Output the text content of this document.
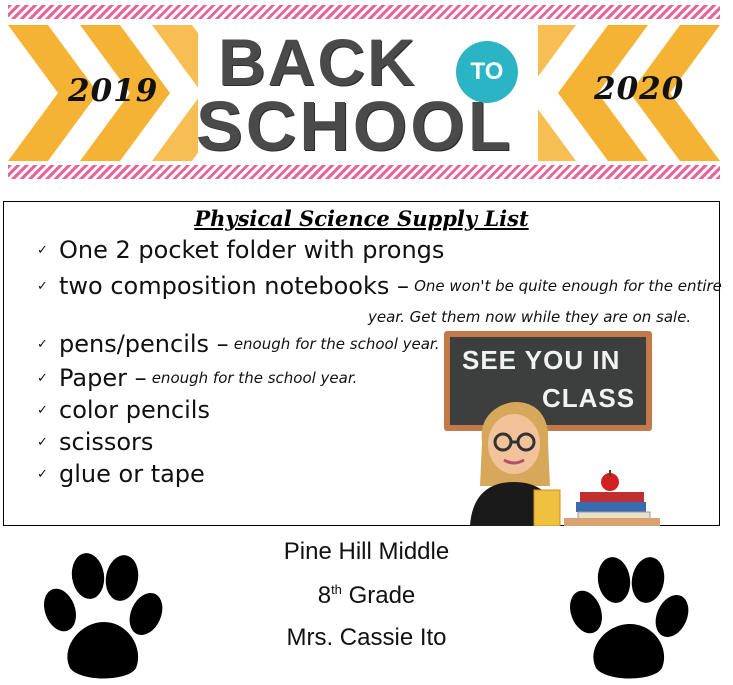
2019	2020
BACK	TO
SCHOOL
Physical Science Supply List
✓ One 2 pocket folder with prongs
✓ two composition notebooks – One won't be quite enough for the entire
year. Get them now while they are on sale.
✓ pens/pencils – enough for the school year.
✓ Paper – enough for the school year.
✓ color pencils
✓ scissors
✓ glue or tape
SEE YOU IN
CLASS
Pine Hill Middle
8th Grade
Mrs. Cassie Ito
